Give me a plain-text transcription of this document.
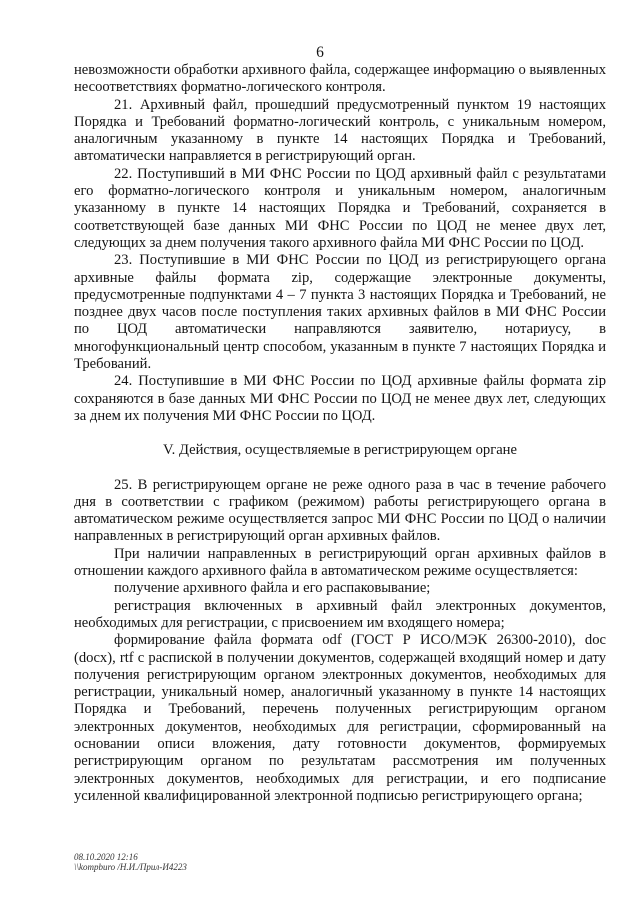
6

невозможности обработки архивного файла, содержащее информацию о выявленных несоответствиях форматно-логического контроля.

21. Архивный файл, прошедший предусмотренный пунктом 19 настоящих Порядка и Требований форматно-логический контроль, с уникальным номером, аналогичным указанному в пункте 14 настоящих Порядка и Требований, автоматически направляется в регистрирующий орган.

22. Поступивший в МИ ФНС России по ЦОД архивный файл с результатами его форматно-логического контроля и уникальным номером, аналогичным указанному в пункте 14 настоящих Порядка и Требований, сохраняется в соответствующей базе данных МИ ФНС России по ЦОД не менее двух лет, следующих за днем получения такого архивного файла МИ ФНС России по ЦОД.

23. Поступившие в МИ ФНС России по ЦОД из регистрирующего органа архивные файлы формата zip, содержащие электронные документы, предусмотренные подпунктами 4 – 7 пункта 3 настоящих Порядка и Требований, не позднее двух часов после поступления таких архивных файлов в МИ ФНС России по ЦОД автоматически направляются заявителю, нотариусу, в многофункциональный центр способом, указанным в пункте 7 настоящих Порядка и Требований.

24. Поступившие в МИ ФНС России по ЦОД архивные файлы формата zip сохраняются в базе данных МИ ФНС России по ЦОД не менее двух лет, следующих за днем их получения МИ ФНС России по ЦОД.

V. Действия, осуществляемые в регистрирующем органе

25. В регистрирующем органе не реже одного раза в час в течение рабочего дня в соответствии с графиком (режимом) работы регистрирующего органа в автоматическом режиме осуществляется запрос МИ ФНС России по ЦОД о наличии направленных в регистрирующий орган архивных файлов.

При наличии направленных в регистрирующий орган архивных файлов в отношении каждого архивного файла в автоматическом режиме осуществляется:

получение архивного файла и его распаковывание;

регистрация включенных в архивный файл электронных документов, необходимых для регистрации, с присвоением им входящего номера;

формирование файла формата odf (ГОСТ Р ИСО/МЭК 26300-2010), doc (docx), rtf с распиской в получении документов, содержащей входящий номер и дату получения регистрирующим органом электронных документов, необходимых для регистрации, уникальный номер, аналогичный указанному в пункте 14 настоящих Порядка и Требований, перечень полученных регистрирующим органом электронных документов, необходимых для регистрации, сформированный на основании описи вложения, дату готовности документов, формируемых регистрирующим органом по результатам рассмотрения им полученных электронных документов, необходимых для регистрации, и его подписание усиленной квалифицированной электронной подписью регистрирующего органа;

08.10.2020 12:16
\\kompburo /Н.И./Прил-И4223
